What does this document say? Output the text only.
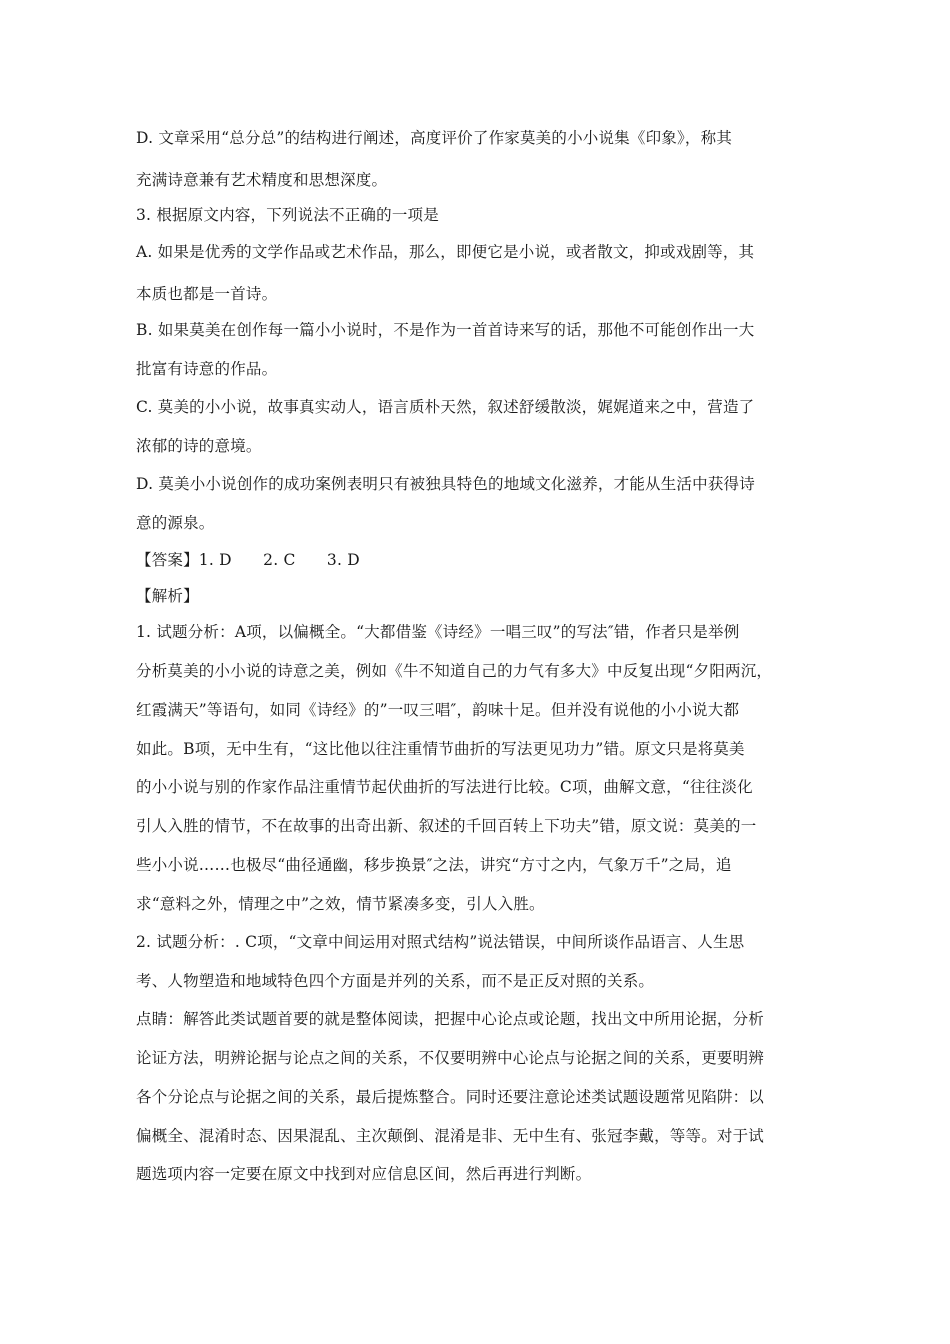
D. 文章采用“总分总”的结构进行阐述，高度评价了作家莫美的小小说集《印象》，称其
充满诗意兼有艺术精度和思想深度。
3. 根据原文内容，下列说法不正确的一项是
A. 如果是优秀的文学作品或艺术作品，那么，即便它是小说，或者散文，抑或戏剧等，其
本质也都是一首诗。
B. 如果莫美在创作每一篇小小说时，不是作为一首首诗来写的话，那他不可能创作出一大
批富有诗意的作品。
C. 莫美的小小说，故事真实动人，语言质朴天然，叙述舒缓散淡，娓娓道来之中，营造了
浓郁的诗的意境。
D. 莫美小小说创作的成功案例表明只有被独具特色的地域文化滋养，才能从生活中获得诗
意的源泉。
【答案】1. D　　2. C　　3. D
【解析】
1. 试题分析：A项，以偏概全。“大都借鉴《诗经》一唱三叹”的写法″错，作者只是举例
分析莫美的小小说的诗意之美，例如《牛不知道自己的力气有多大》中反复出现“夕阳两沉，
红霞满天”等语句，如同《诗经》的”一叹三唱″，韵味十足。但并没有说他的小小说大都
如此。B项，无中生有，“这比他以往注重情节曲折的写法更见功力”错。原文只是将莫美
的小小说与别的作家作品注重情节起伏曲折的写法进行比较。C项，曲解文意，“往往淡化
引人入胜的情节，不在故事的出奇出新、叙述的千回百转上下功夫”错，原文说：莫美的一
些小小说……也极尽“曲径通幽，移步换景″之法，讲究“方寸之内，气象万千”之局，追
求“意料之外，情理之中”之效，情节紧凑多变，引人入胜。
2. 试题分析：. C项，“文章中间运用对照式结构”说法错误，中间所谈作品语言、人生思
考、人物塑造和地域特色四个方面是并列的关系，而不是正反对照的关系。
点睛：解答此类试题首要的就是整体阅读，把握中心论点或论题，找出文中所用论据，分析
论证方法，明辨论据与论点之间的关系，不仅要明辨中心论点与论据之间的关系，更要明辨
各个分论点与论据之间的关系，最后提炼整合。同时还要注意论述类试题设题常见陷阱：以
偏概全、混淆时态、因果混乱、主次颠倒、混淆是非、无中生有、张冠李戴，等等。对于试
题选项内容一定要在原文中找到对应信息区间，然后再进行判断。
